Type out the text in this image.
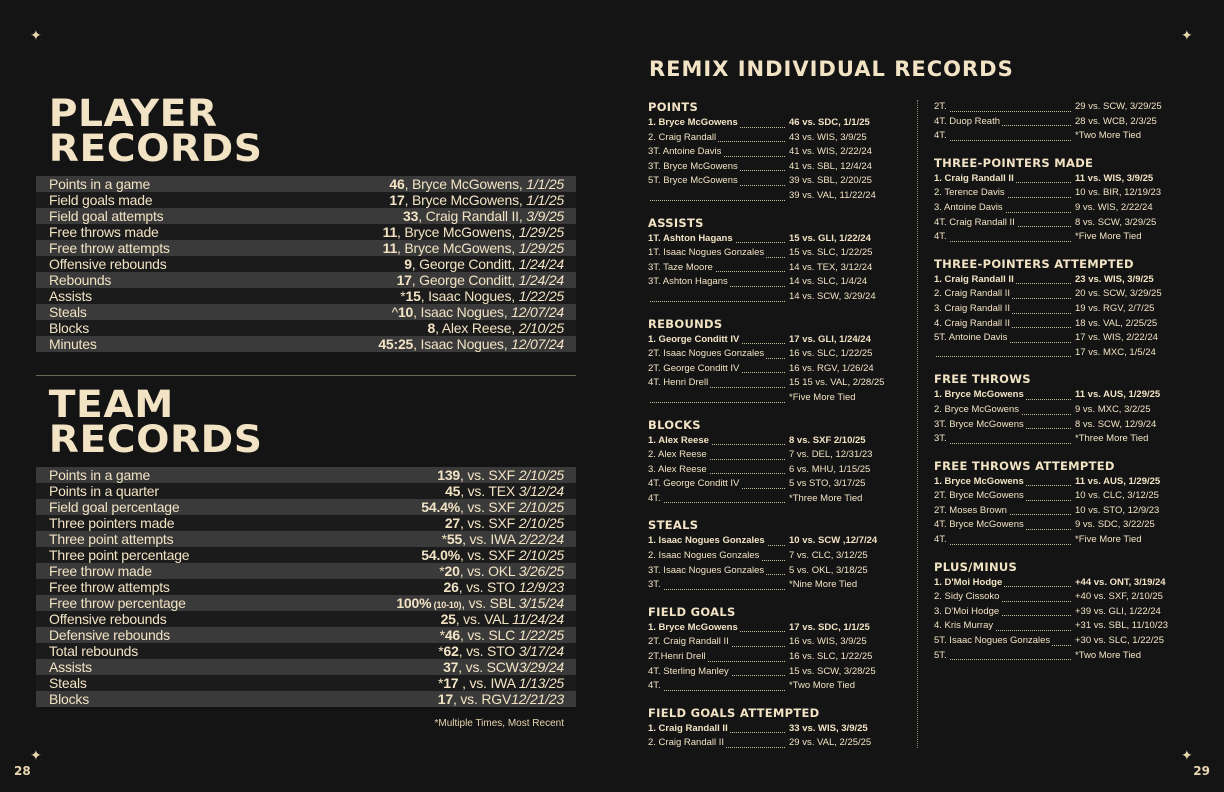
✦	✦
✦	✦
28	29
PLAYER
RECORDS
Points in a game	46, Bryce McGowens, 1/1/25
Field goals made	17, Bryce McGowens, 1/1/25
Field goal attempts	33, Craig Randall II, 3/9/25
Free throws made	11, Bryce McGowens, 1/29/25
Free throw attempts	11, Bryce McGowens, 1/29/25
Offensive rebounds	9, George Conditt, 1/24/24
Rebounds	17, George Conditt, 1/24/24
Assists	*15, Isaac Nogues, 1/22/25
Steals	^10, Isaac Nogues, 12/07/24
Blocks	8, Alex Reese, 2/10/25
Minutes	45:25, Isaac Nogues, 12/07/24
TEAM
RECORDS
Points in a game	139, vs. SXF 2/10/25
Points in a quarter	45, vs. TEX 3/12/24
Field goal percentage	54.4%, vs. SXF 2/10/25
Three pointers made	27, vs. SXF 2/10/25
Three point attempts	*55, vs. IWA 2/22/24
Three point percentage	54.0%, vs. SXF 2/10/25
Free throw made	*20, vs. OKL 3/26/25
Free throw attempts	26, vs. STO 12/9/23
Free throw percentage	100% (10-10), vs. SBL 3/15/24
Offensive rebounds	25, vs. VAL 11/24/24
Defensive rebounds	*46, vs. SLC 1/22/25
Total rebounds	*62, vs. STO 3/17/24
Assists	37, vs. SCW3/29/24
Steals	*17 , vs. IWA 1/13/25
Blocks	17, vs. RGV12/21/23
*Multiple Times, Most Recent
REMIX INDIVIDUAL RECORDS
POINTS
1. Bryce McGowens	46 vs. SDC, 1/1/25
2. Craig Randall	43 vs. WIS, 3/9/25
3T. Antoine Davis	41 vs. WIS, 2/22/24
3T. Bryce McGowens	41 vs. SBL, 12/4/24
5T. Bryce McGowens	39 vs. SBL, 2/20/25
39 vs. VAL, 11/22/24
ASSISTS
1T. Ashton Hagans	15 vs. GLI, 1/22/24
1T. Isaac Nogues Gonzales	15 vs. SLC, 1/22/25
3T. Taze Moore	14 vs. TEX, 3/12/24
3T. Ashton Hagans	14 vs. SLC, 1/4/24
14 vs. SCW, 3/29/24
REBOUNDS
1. George Conditt IV	17 vs. GLI, 1/24/24
2T. Isaac Nogues Gonzales	16 vs. SLC, 1/22/25
2T. George Conditt IV	16 vs. RGV, 1/26/24
4T. Henri Drell	15 15 vs. VAL, 2/28/25
*Five More Tied
BLOCKS
1. Alex Reese	8 vs. SXF 2/10/25
2. Alex Reese	7 vs. DEL, 12/31/23
3. Alex Reese	6 vs. MHU, 1/15/25
4T. George Conditt IV	5 vs STO, 3/17/25
4T.	*Three More Tied
STEALS
1. Isaac Nogues Gonzales	10 vs. SCW ,12/7/24
2. Isaac Nogues Gonzales	7 vs. CLC, 3/12/25
3T. Isaac Nogues Gonzales	5 vs. OKL, 3/18/25
3T.	*Nine More Tied
FIELD GOALS
1. Bryce McGowens	17 vs. SDC, 1/1/25
2T. Craig Randall II	16 vs. WIS, 3/9/25
2T.Henri Drell	16 vs. SLC, 1/22/25
4T. Sterling Manley	15 vs. SCW, 3/28/25
4T.	*Two More Tied
FIELD GOALS ATTEMPTED
1. Craig Randall II	33 vs. WIS, 3/9/25
2. Craig Randall II	29 vs. VAL, 2/25/25
2T.	29 vs. SCW, 3/29/25
4T. Duop Reath	28 vs. WCB, 2/3/25
4T.	*Two More Tied
THREE-POINTERS MADE
1. Craig Randall II	11 vs. WIS, 3/9/25
2. Terence Davis	10 vs. BIR, 12/19/23
3. Antoine Davis	9 vs. WIS, 2/22/24
4T. Craig Randall II	8 vs. SCW, 3/29/25
4T.	*Five More Tied
THREE-POINTERS ATTEMPTED
1. Craig Randall II	23 vs. WIS, 3/9/25
2. Craig Randall II	20 vs. SCW, 3/29/25
3. Craig Randall II	19 vs. RGV, 2/7/25
4. Craig Randall II	18 vs. VAL, 2/25/25
5T. Antoine Davis	17 vs. WIS, 2/22/24
17 vs. MXC, 1/5/24
FREE THROWS
1. Bryce McGowens	11 vs. AUS, 1/29/25
2. Bryce McGowens	9 vs. MXC, 3/2/25
3T. Bryce McGowens	8 vs. SCW, 12/9/24
3T.	*Three More Tied
FREE THROWS ATTEMPTED
1. Bryce McGowens	11 vs. AUS, 1/29/25
2T. Bryce McGowens	10 vs. CLC, 3/12/25
2T. Moses Brown	10 vs. STO, 12/9/23
4T. Bryce McGowens	9 vs. SDC, 3/22/25
4T.	*Five More Tied
PLUS/MINUS
1. D'Moi Hodge	+44 vs. ONT, 3/19/24
2. Sidy Cissoko	+40 vs. SXF, 2/10/25
3. D'Moi Hodge	+39 vs. GLI, 1/22/24
4. Kris Murray	+31 vs. SBL, 11/10/23
5T. Isaac Nogues Gonzales	+30 vs. SLC, 1/22/25
5T.	*Two More Tied
